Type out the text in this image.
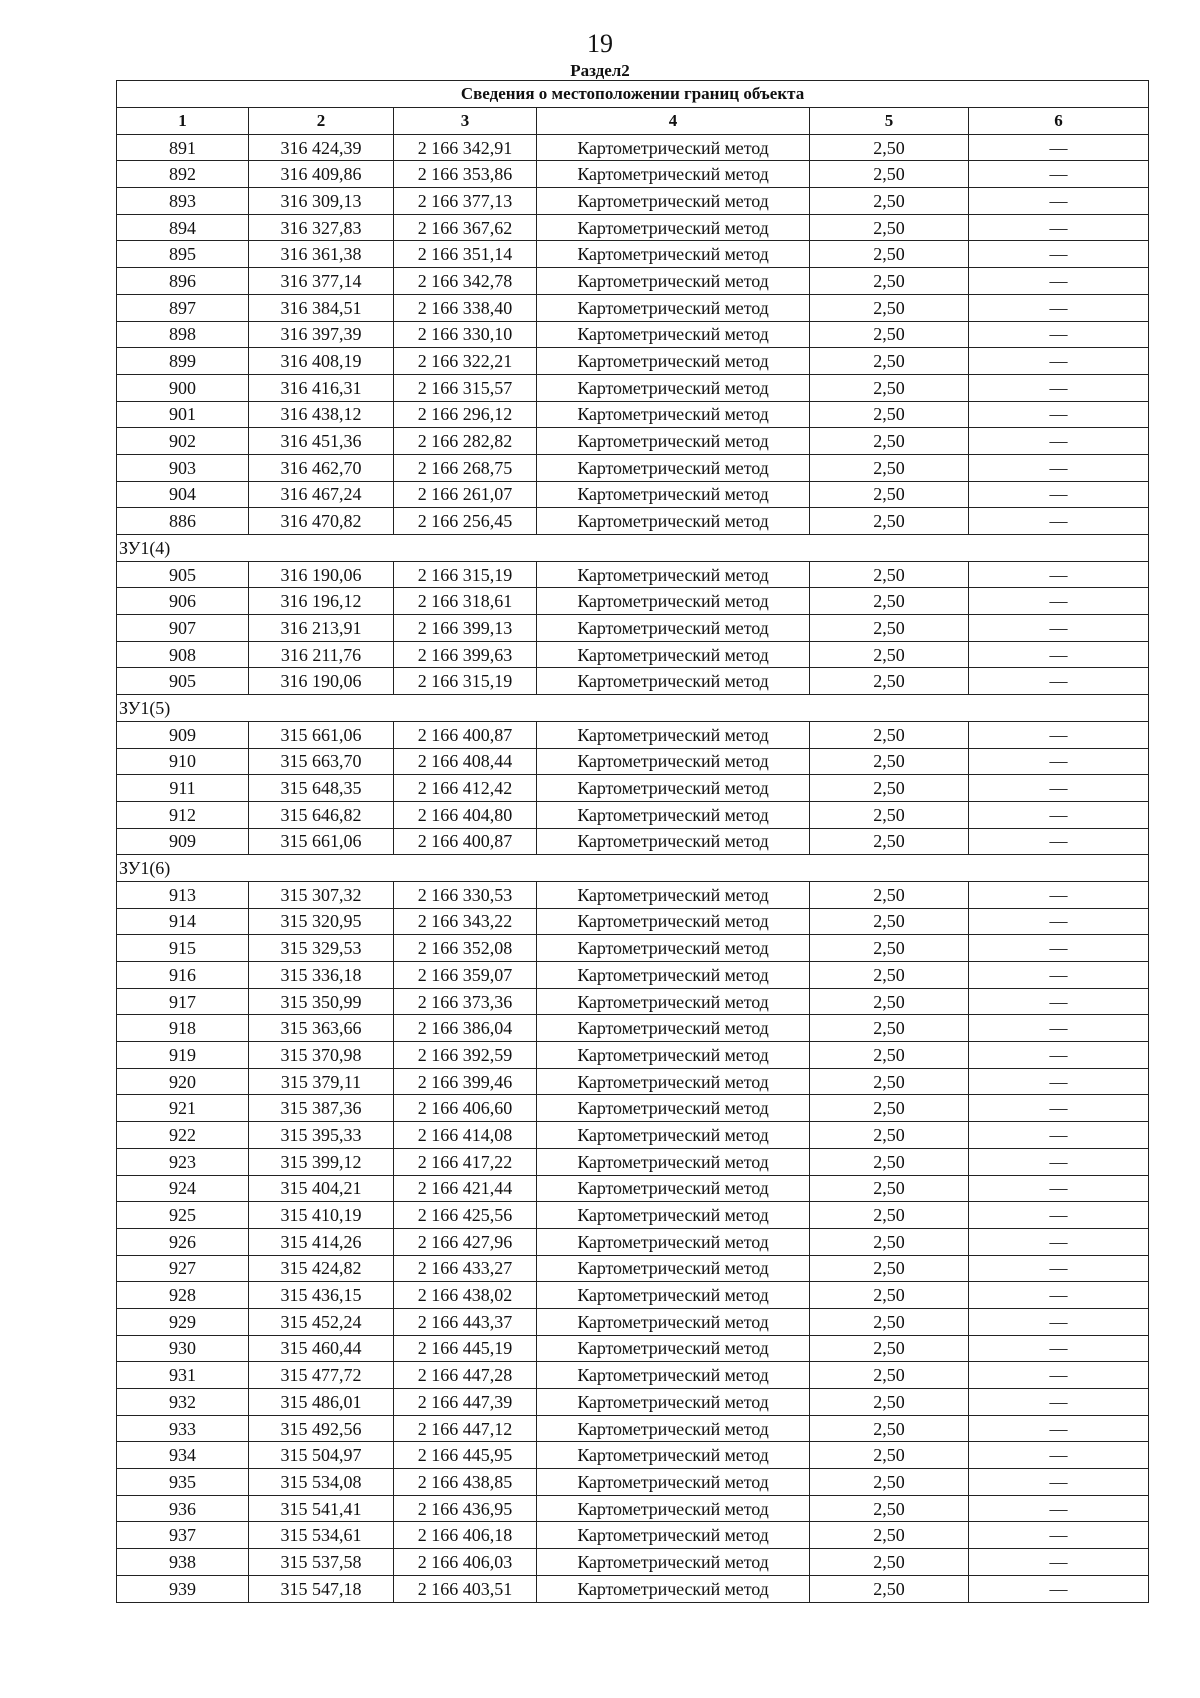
19
Раздел2
Сведения о местоположении границ объекта					
1	2	3	4	5	6
891	316 424,39	2 166 342,91	Картометрический метод	2,50	—
892	316 409,86	2 166 353,86	Картометрический метод	2,50	—
893	316 309,13	2 166 377,13	Картометрический метод	2,50	—
894	316 327,83	2 166 367,62	Картометрический метод	2,50	—
895	316 361,38	2 166 351,14	Картометрический метод	2,50	—
896	316 377,14	2 166 342,78	Картометрический метод	2,50	—
897	316 384,51	2 166 338,40	Картометрический метод	2,50	—
898	316 397,39	2 166 330,10	Картометрический метод	2,50	—
899	316 408,19	2 166 322,21	Картометрический метод	2,50	—
900	316 416,31	2 166 315,57	Картометрический метод	2,50	—
901	316 438,12	2 166 296,12	Картометрический метод	2,50	—
902	316 451,36	2 166 282,82	Картометрический метод	2,50	—
903	316 462,70	2 166 268,75	Картометрический метод	2,50	—
904	316 467,24	2 166 261,07	Картометрический метод	2,50	—
886	316 470,82	2 166 256,45	Картометрический метод	2,50	—
ЗУ1(4)					
905	316 190,06	2 166 315,19	Картометрический метод	2,50	—
906	316 196,12	2 166 318,61	Картометрический метод	2,50	—
907	316 213,91	2 166 399,13	Картометрический метод	2,50	—
908	316 211,76	2 166 399,63	Картометрический метод	2,50	—
905	316 190,06	2 166 315,19	Картометрический метод	2,50	—
ЗУ1(5)					
909	315 661,06	2 166 400,87	Картометрический метод	2,50	—
910	315 663,70	2 166 408,44	Картометрический метод	2,50	—
911	315 648,35	2 166 412,42	Картометрический метод	2,50	—
912	315 646,82	2 166 404,80	Картометрический метод	2,50	—
909	315 661,06	2 166 400,87	Картометрический метод	2,50	—
ЗУ1(6)					
913	315 307,32	2 166 330,53	Картометрический метод	2,50	—
914	315 320,95	2 166 343,22	Картометрический метод	2,50	—
915	315 329,53	2 166 352,08	Картометрический метод	2,50	—
916	315 336,18	2 166 359,07	Картометрический метод	2,50	—
917	315 350,99	2 166 373,36	Картометрический метод	2,50	—
918	315 363,66	2 166 386,04	Картометрический метод	2,50	—
919	315 370,98	2 166 392,59	Картометрический метод	2,50	—
920	315 379,11	2 166 399,46	Картометрический метод	2,50	—
921	315 387,36	2 166 406,60	Картометрический метод	2,50	—
922	315 395,33	2 166 414,08	Картометрический метод	2,50	—
923	315 399,12	2 166 417,22	Картометрический метод	2,50	—
924	315 404,21	2 166 421,44	Картометрический метод	2,50	—
925	315 410,19	2 166 425,56	Картометрический метод	2,50	—
926	315 414,26	2 166 427,96	Картометрический метод	2,50	—
927	315 424,82	2 166 433,27	Картометрический метод	2,50	—
928	315 436,15	2 166 438,02	Картометрический метод	2,50	—
929	315 452,24	2 166 443,37	Картометрический метод	2,50	—
930	315 460,44	2 166 445,19	Картометрический метод	2,50	—
931	315 477,72	2 166 447,28	Картометрический метод	2,50	—
932	315 486,01	2 166 447,39	Картометрический метод	2,50	—
933	315 492,56	2 166 447,12	Картометрический метод	2,50	—
934	315 504,97	2 166 445,95	Картометрический метод	2,50	—
935	315 534,08	2 166 438,85	Картометрический метод	2,50	—
936	315 541,41	2 166 436,95	Картометрический метод	2,50	—
937	315 534,61	2 166 406,18	Картометрический метод	2,50	—
938	315 537,58	2 166 406,03	Картометрический метод	2,50	—
939	315 547,18	2 166 403,51	Картометрический метод	2,50	—
